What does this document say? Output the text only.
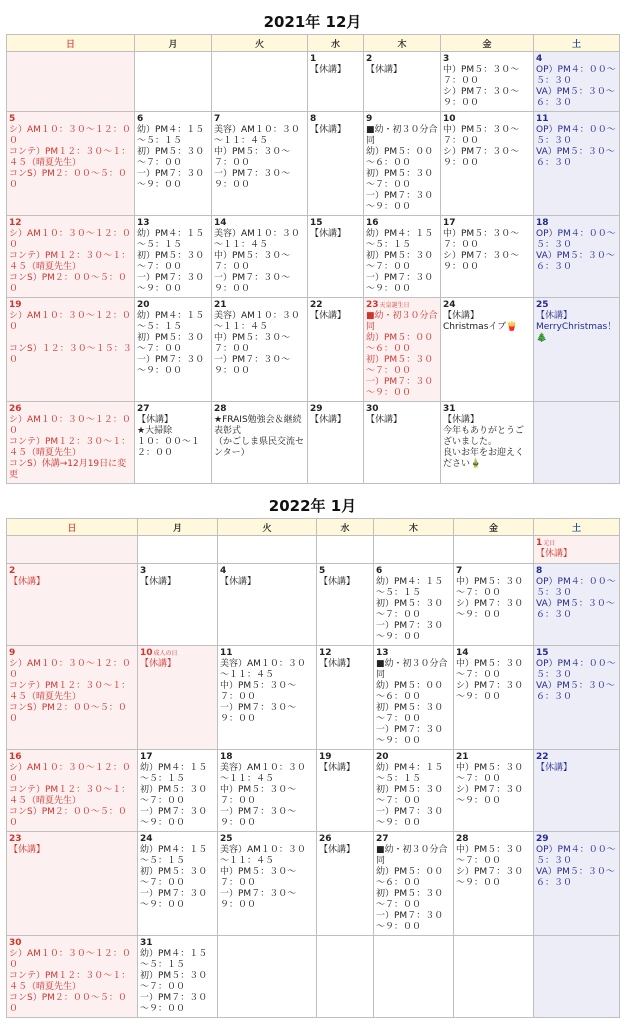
2021年 12月
日	月	火	水	木	金	土

			1
【休講】	2
【休講】	3
中）PM５：３０～７：００
シ）PM７：３０～９：００	4
OP）PM４：００～５：３０
VA）PM５：３０～６：３０

5
シ）AM１０：３０～１２：００
コンテ）PM１２：３０～１：４５（晴夏先生）
コンS）PM２：００～５：００	6
幼）PM４：１５～５：１５
初）PM５：３０～７：００
一）PM７：３０～９：００	7
美容）AM１０：３０～１１：４５
中）PM５：３０～７：００
一）PM７：３０～９：００	8
【休講】	9
■幼・初３０分合同
幼）PM５：００～６：００
初）PM５：３０～７：００
一）PM７：３０～９：００	10
中）PM５：３０～７：００
シ）PM７：３０～９：００	11
OP）PM４：００～５：３０
VA）PM５：３０～６：３０

12
シ）AM１０：３０～１２：００
コンテ）PM１２：３０～１：４５（晴夏先生）
コンS）PM２：００～５：００	13
幼）PM４：１５～５：１５
初）PM５：３０～７：００
一）PM７：３０～９：００	14
美容）AM１０：３０～１１：４５
中）PM５：３０～７：００
一）PM７：３０～９：００	15
【休講】	16
幼）PM４：１５～５：１５
初）PM５：３０～７：００
一）PM７：３０～９：００	17
中）PM５：３０～７：００
シ）PM７：３０～９：００	18
OP）PM４：００～５：３０
VA）PM５：３０～６：３０

19
シ）AM１０：３０～１２：００

コンS）１２：３０～１５：３０	20
幼）PM４：１５～５：１５
初）PM５：３０～７：００
一）PM７：３０～９：００	21
美容）AM１０：３０～１１：４５
中）PM５：３０～７：００
一）PM７：３０～９：００	22
【休講】	23天皇誕生日
■幼・初３０分合同
幼）PM５：００～６：００
初）PM５：３０～７：００
一）PM７：３０～９：００	24
【休講】
Christmasイブ🍟	25
【休講】
MerryChristmas！🎄

26
シ）AM１０：３０～１２：００
コンテ）PM１２：３０～１：４５（晴夏先生）
コンS）休講→12月19日に変更	27
【休講】
★大掃除
１０：００～１２：００	28
★FRAIS勉強会＆継続表彰式
（かごしま県民交流センター）	29
【休講】	30
【休講】	31
【休講】
今年もありがとうございました。
良いお年をお迎えください🎍	

2022年 1月
日	月	火	水	木	金	土

						1元日
【休講】

2
【休講】	3
【休講】	4
【休講】	5
【休講】	6
幼）PM４：１５～５：１５
初）PM５：３０～７：００
一）PM７：３０～９：００	7
中）PM５：３０～７：００
シ）PM７：３０～９：００	8
OP）PM４：００～５：３０
VA）PM５：３０～６：３０

9
シ）AM１０：３０～１２：００
コンテ）PM１２：３０～１：４５（晴夏先生）
コンS）PM２：００～５：００	10成人の日
【休講】	11
美容）AM１０：３０～１１：４５
中）PM５：３０～７：００
一）PM７：３０～９：００	12
【休講】	13
■幼・初３０分合同
幼）PM５：００～６：００
初）PM５：３０～７：００
一）PM７：３０～９：００	14
中）PM５：３０～７：００
シ）PM７：３０～９：００	15
OP）PM４：００～５：３０
VA）PM５：３０～６：３０

16
シ）AM１０：３０～１２：００
コンテ）PM１２：３０～１：４５（晴夏先生）
コンS）PM２：００～５：００	17
幼）PM４：１５～５：１５
初）PM５：３０～７：００
一）PM７：３０～９：００	18
美容）AM１０：３０～１１：４５
中）PM５：３０～７：００
一）PM７：３０～９：００	19
【休講】	20
幼）PM４：１５～５：１５
初）PM５：３０～７：００
一）PM７：３０～９：００	21
中）PM５：３０～７：００
シ）PM７：３０～９：００	22
【休講】

23
【休講】	24
幼）PM４：１５～５：１５
初）PM５：３０～７：００
一）PM７：３０～９：００	25
美容）AM１０：３０～１１：４５
中）PM５：３０～７：００
一）PM７：３０～９：００	26
【休講】	27
■幼・初３０分合同
幼）PM５：００～６：００
初）PM５：３０～７：００
一）PM７：３０～９：００	28
中）PM５：３０～７：００
シ）PM７：３０～９：００	29
OP）PM４：００～５：３０
VA）PM５：３０～６：３０

30
シ）AM１０：３０～１２：００
コンテ）PM１２：３０～１：４５（晴夏先生）
コンS）PM２：００～５：００	31
幼）PM４：１５～５：１５
初）PM５：３０～７：００
一）PM７：３０～９：００					
